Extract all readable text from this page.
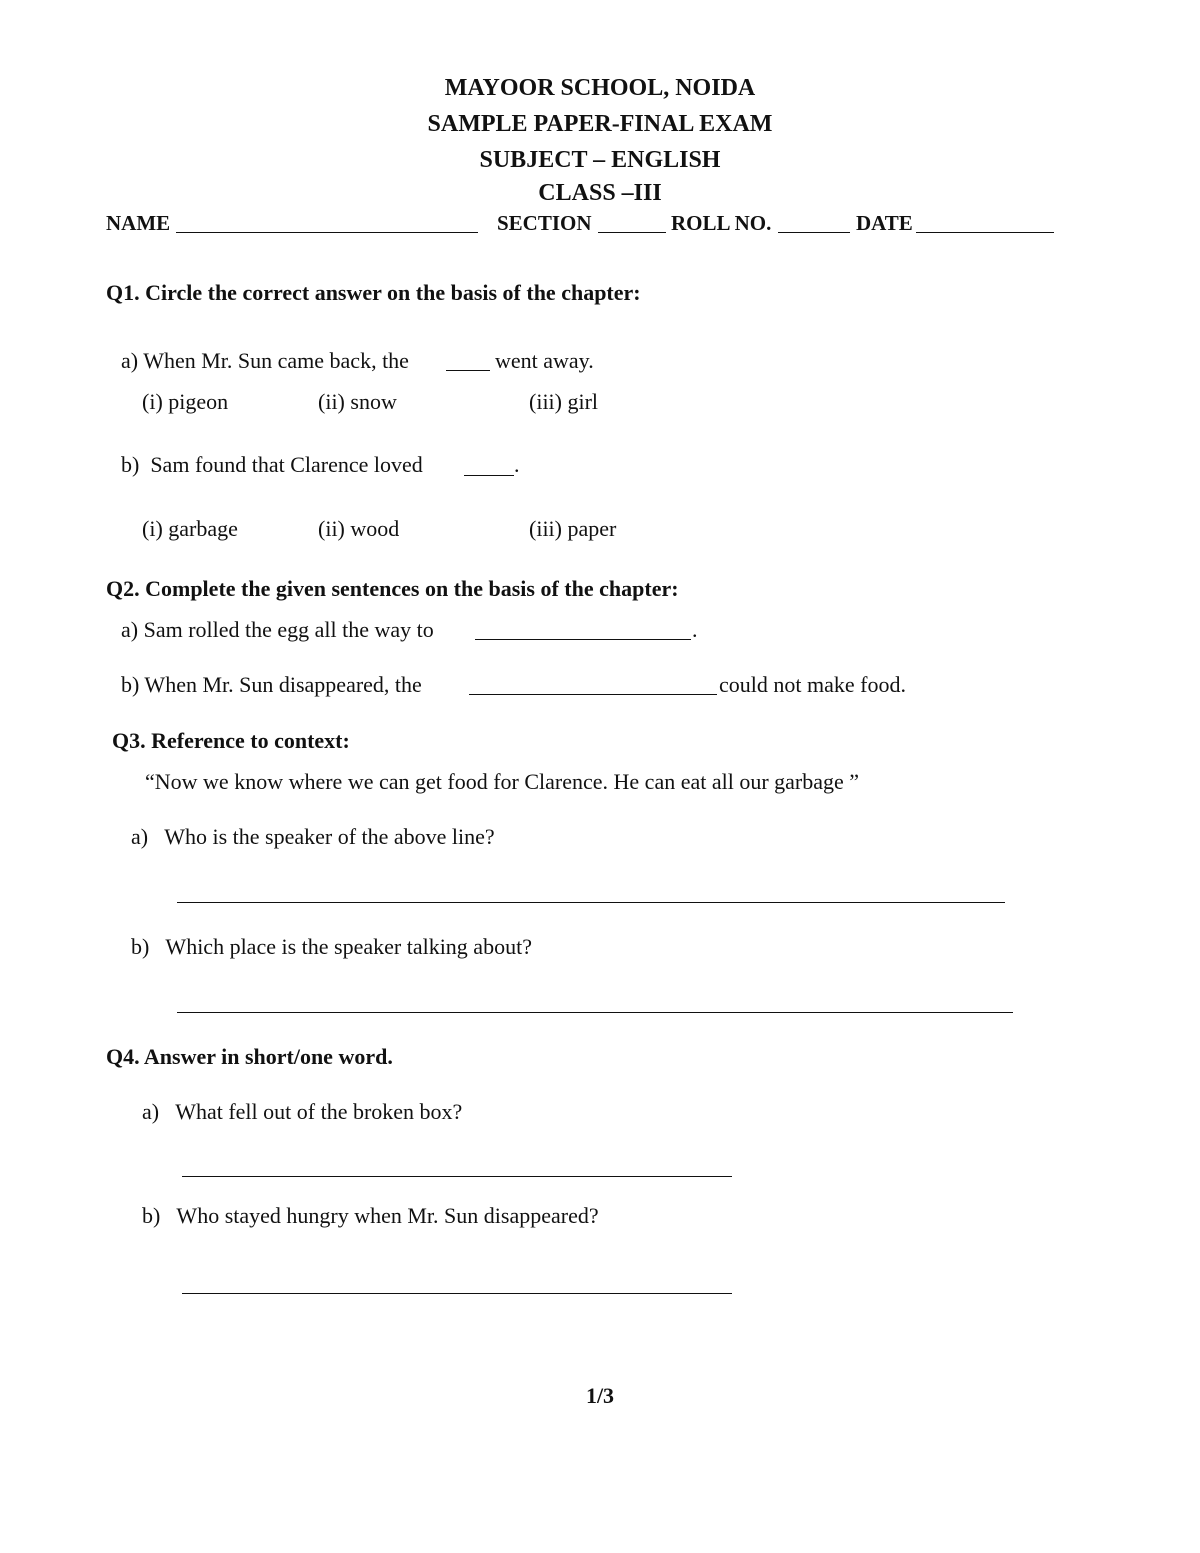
MAYOOR SCHOOL, NOIDA
SAMPLE PAPER-FINAL EXAM
SUBJECT – ENGLISH
CLASS –III
NAME	SECTION	ROLL NO.	DATE
Q1. Circle the correct answer on the basis of the chapter:
a) When Mr. Sun came back, the	went away.
(i) pigeon	(ii) snow	(iii) girl
b)  Sam found that Clarence loved	.
(i) garbage	(ii) wood	(iii) paper
Q2. Complete the given sentences on the basis of the chapter:
a) Sam rolled the egg all the way to	.
b) When Mr. Sun disappeared, the	could not make food.
Q3. Reference to context:
“Now we know where we can get food for Clarence. He can eat all our garbage ”
a)   Who is the speaker of the above line?
b)   Which place is the speaker talking about?
Q4. Answer in short/one word.
a)   What fell out of the broken box?
b)   Who stayed hungry when Mr. Sun disappeared?
1/3
